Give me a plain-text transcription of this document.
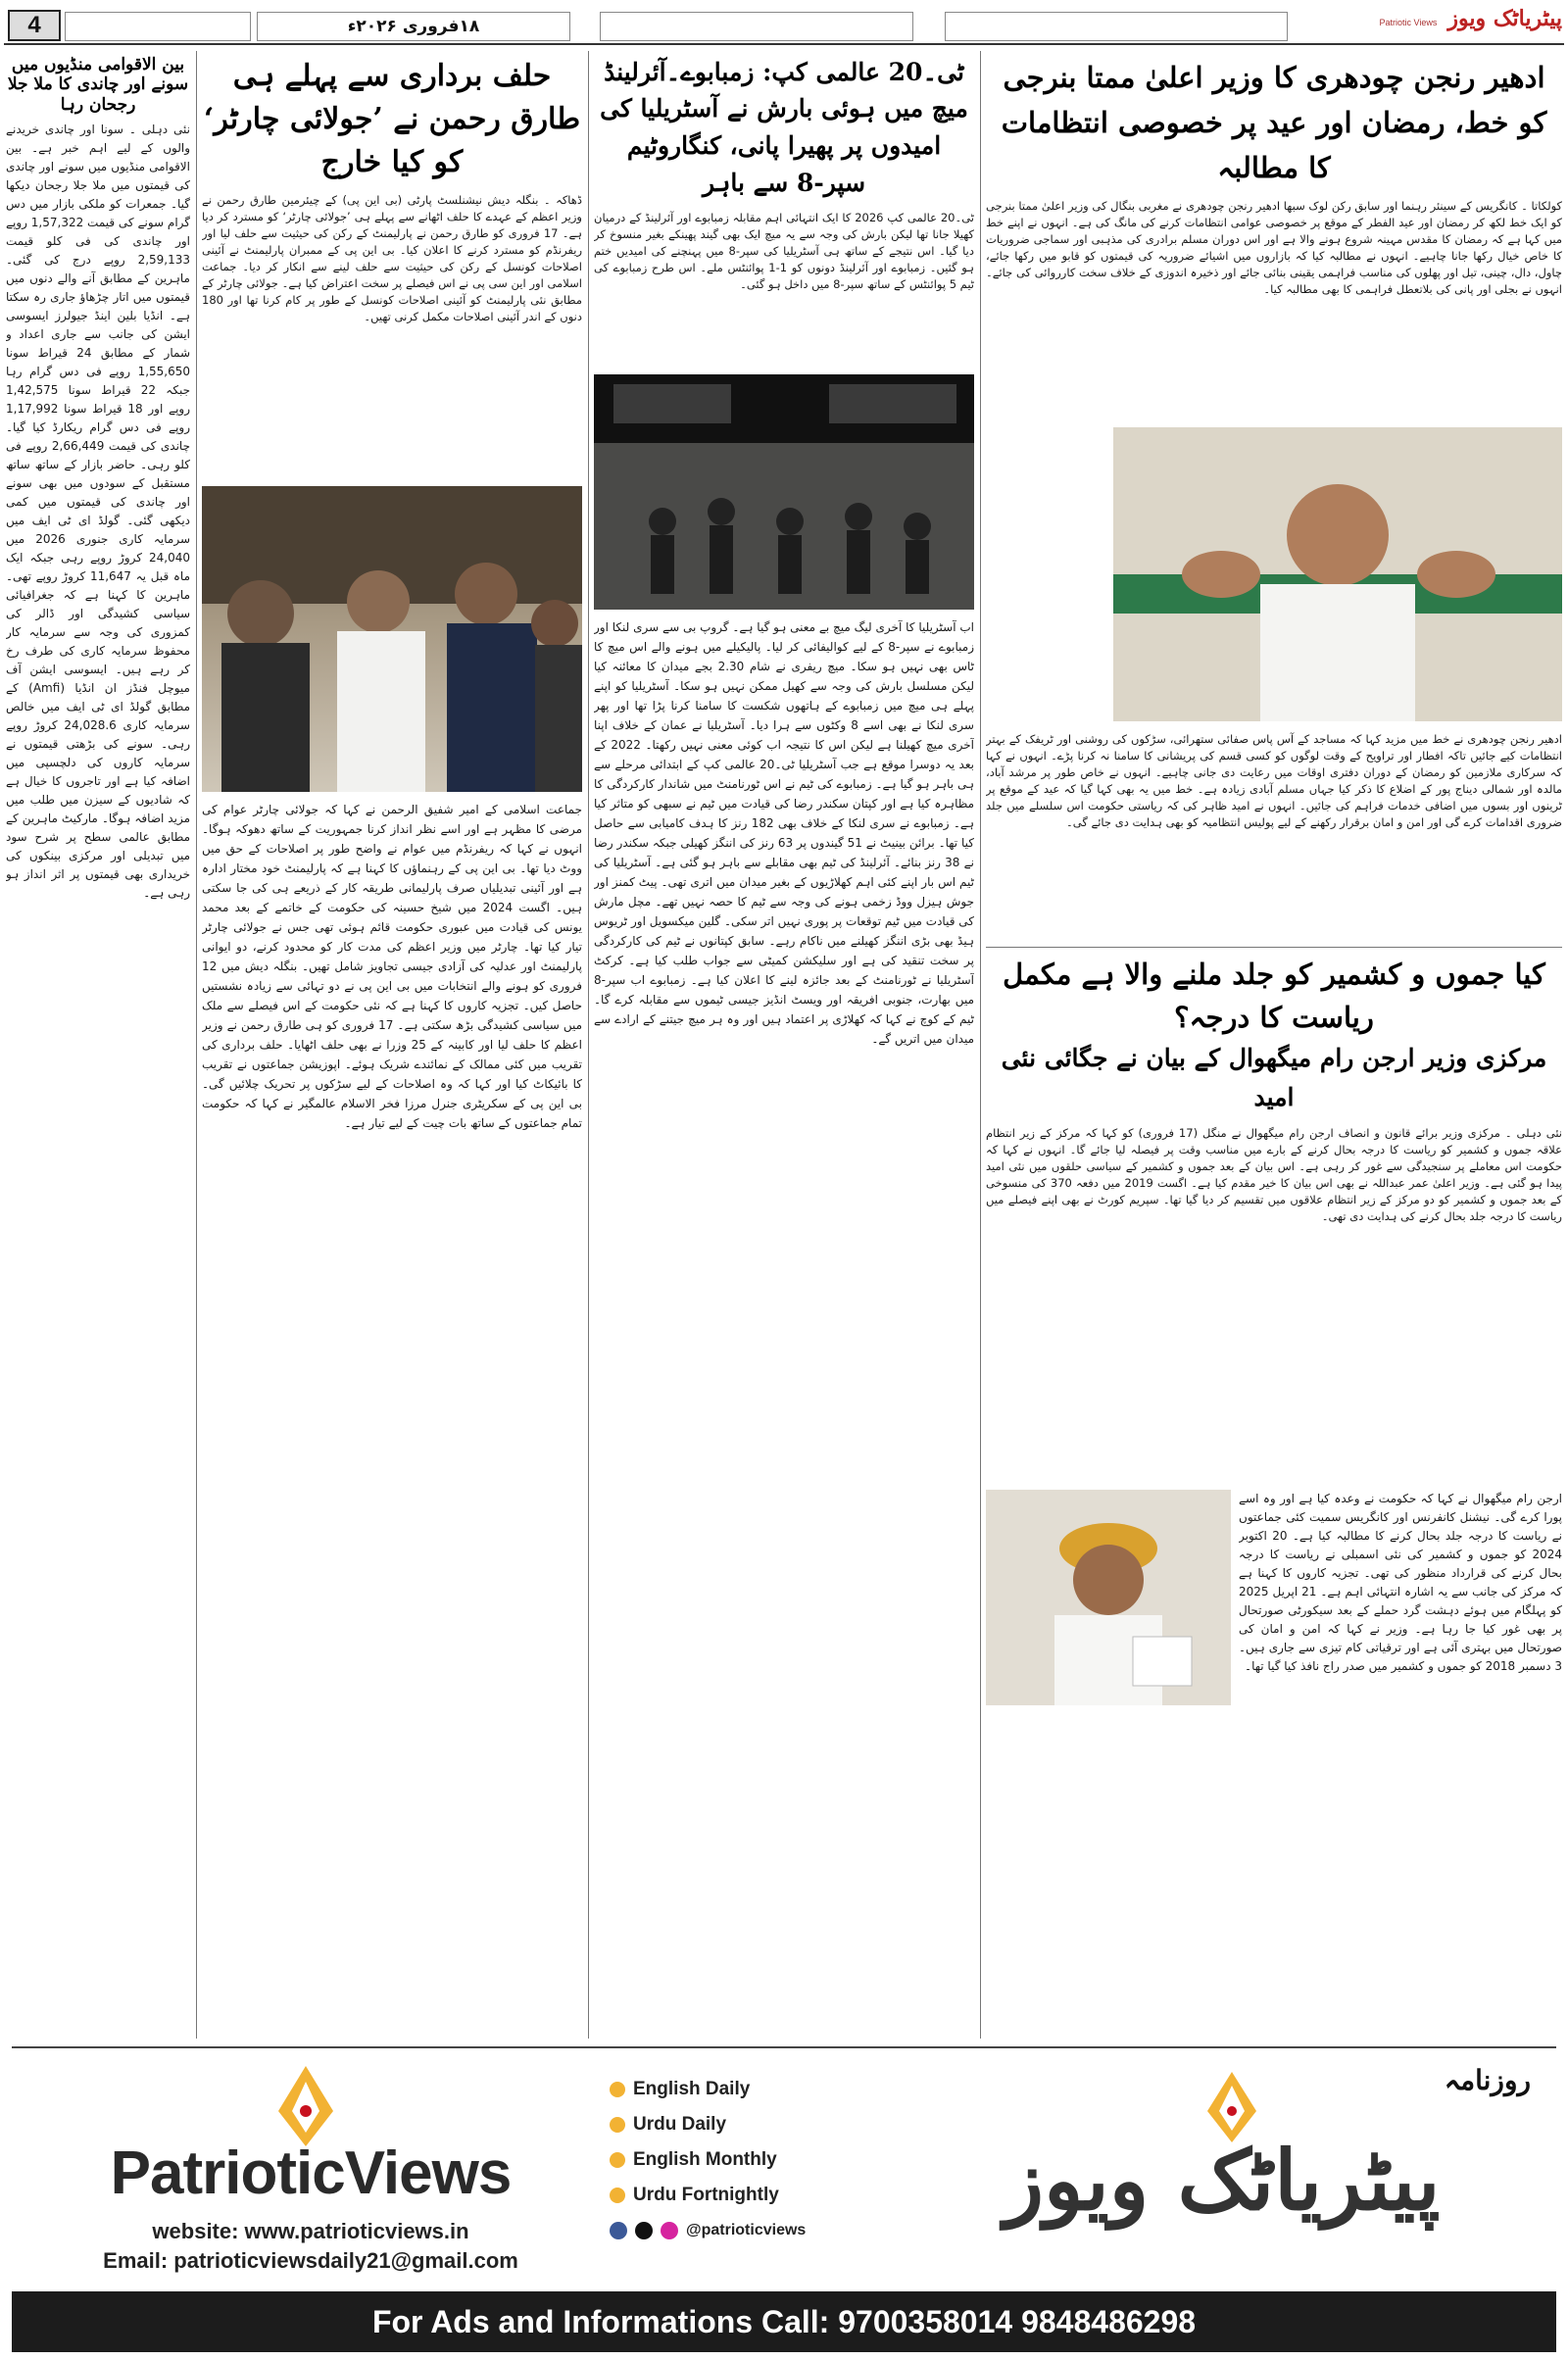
4	۱۸فروری ۲۰۲۶ء	Patriotic Views پیٹریاٹک ویوز
بین الاقوامی منڈیوں میں سونے اور چاندی کا ملا جلا رجحان رہا
نئی دہلی ۔ سونا اور چاندی خریدنے والوں کے لیے اہم خبر ہے۔ بین الاقوامی منڈیوں میں سونے اور چاندی کی قیمتوں میں ملا جلا رجحان دیکھا گیا۔ جمعرات کو ملکی بازار میں دس گرام سونے کی قیمت 1,57,322 روپے اور چاندی کی فی کلو قیمت 2,59,133 روپے درج کی گئی۔ ماہرین کے مطابق آنے والے دنوں میں قیمتوں میں اتار چڑھاؤ جاری رہ سکتا ہے۔ انڈیا بلین اینڈ جیولرز ایسوسی ایشن کی جانب سے جاری اعداد و شمار کے مطابق 24 قیراط سونا 1,55,650 روپے فی دس گرام رہا جبکہ 22 قیراط سونا 1,42,575 روپے اور 18 قیراط سونا 1,17,992 روپے فی دس گرام ریکارڈ کیا گیا۔ چاندی کی قیمت 2,66,449 روپے فی کلو رہی۔ حاضر بازار کے ساتھ ساتھ مستقبل کے سودوں میں بھی سونے اور چاندی کی قیمتوں میں کمی دیکھی گئی۔ گولڈ ای ٹی ایف میں سرمایہ کاری جنوری 2026 میں 24,040 کروڑ روپے رہی جبکہ ایک ماہ قبل یہ 11,647 کروڑ روپے تھی۔ ماہرین کا کہنا ہے کہ جغرافیائی سیاسی کشیدگی اور ڈالر کی کمزوری کی وجہ سے سرمایہ کار محفوظ سرمایہ کاری کی طرف رخ کر رہے ہیں۔ ایسوسی ایشن آف میوچل فنڈز ان انڈیا (Amfi) کے مطابق گولڈ ای ٹی ایف میں خالص سرمایہ کاری 24,028.6 کروڑ روپے رہی۔ سونے کی بڑھتی قیمتوں نے سرمایہ کاروں کی دلچسپی میں اضافہ کیا ہے اور تاجروں کا خیال ہے کہ شادیوں کے سیزن میں طلب میں مزید اضافہ ہوگا۔ مارکیٹ ماہرین کے مطابق عالمی سطح پر شرح سود میں تبدیلی اور مرکزی بینکوں کی خریداری بھی قیمتوں پر اثر انداز ہو رہی ہے۔
حلف برداری سے پہلے ہی طارق رحمن نے ’جولائی چارٹر‘ کو کیا خارج
ڈھاکہ ۔ بنگلہ دیش نیشنلسٹ پارٹی (بی این پی) کے چیئرمین طارق رحمن نے وزیر اعظم کے عہدے کا حلف اٹھانے سے پہلے ہی ’جولائی چارٹر‘ کو مسترد کر دیا ہے۔ 17 فروری کو طارق رحمن نے پارلیمنٹ کے رکن کی حیثیت سے حلف لیا اور ریفرنڈم کو مسترد کرنے کا اعلان کیا۔ بی این پی کے ممبران پارلیمنٹ نے آئینی اصلاحات کونسل کے رکن کی حیثیت سے حلف لینے سے انکار کر دیا۔ جماعت اسلامی اور این سی پی نے اس فیصلے پر سخت اعتراض کیا ہے۔ جولائی چارٹر کے مطابق نئی پارلیمنٹ کو آئینی اصلاحات کونسل کے طور پر کام کرنا تھا اور 180 دنوں کے اندر آئینی اصلاحات مکمل کرنی تھیں۔
جماعت اسلامی کے امیر شفیق الرحمن نے کہا کہ جولائی چارٹر عوام کی مرضی کا مظہر ہے اور اسے نظر انداز کرنا جمہوریت کے ساتھ دھوکہ ہوگا۔ انہوں نے کہا کہ ریفرنڈم میں عوام نے واضح طور پر اصلاحات کے حق میں ووٹ دیا تھا۔ بی این پی کے رہنماؤں کا کہنا ہے کہ پارلیمنٹ خود مختار ادارہ ہے اور آئینی تبدیلیاں صرف پارلیمانی طریقہ کار کے ذریعے ہی کی جا سکتی ہیں۔ اگست 2024 میں شیخ حسینہ کی حکومت کے خاتمے کے بعد محمد یونس کی قیادت میں عبوری حکومت قائم ہوئی تھی جس نے جولائی چارٹر تیار کیا تھا۔ چارٹر میں وزیر اعظم کی مدت کار کو محدود کرنے، دو ایوانی پارلیمنٹ اور عدلیہ کی آزادی جیسی تجاویز شامل تھیں۔ بنگلہ دیش میں 12 فروری کو ہونے والے انتخابات میں بی این پی نے دو تہائی سے زیادہ نشستیں حاصل کیں۔ تجزیہ کاروں کا کہنا ہے کہ نئی حکومت کے اس فیصلے سے ملک میں سیاسی کشیدگی بڑھ سکتی ہے۔ 17 فروری کو ہی طارق رحمن نے وزیر اعظم کا حلف لیا اور کابینہ کے 25 وزرا نے بھی حلف اٹھایا۔ حلف برداری کی تقریب میں کئی ممالک کے نمائندے شریک ہوئے۔ اپوزیشن جماعتوں نے تقریب کا بائیکاٹ کیا اور کہا کہ وہ اصلاحات کے لیے سڑکوں پر تحریک چلائیں گی۔ بی این پی کے سکریٹری جنرل مرزا فخر الاسلام عالمگیر نے کہا کہ حکومت تمام جماعتوں کے ساتھ بات چیت کے لیے تیار ہے۔
ٹی۔20 عالمی کپ: زمبابوے۔آئرلینڈ
میچ میں ہوئی بارش نے آسٹریلیا کی امیدوں پر پھیرا پانی، کنگاروٹیم سپر-8 سے باہر
ٹی۔20 عالمی کپ 2026 کا ایک انتہائی اہم مقابلہ زمبابوے اور آئرلینڈ کے درمیان کھیلا جانا تھا لیکن بارش کی وجہ سے یہ میچ ایک بھی گیند پھینکے بغیر منسوخ کر دیا گیا۔ اس نتیجے کے ساتھ ہی آسٹریلیا کی سپر-8 میں پہنچنے کی امیدیں ختم ہو گئیں۔ زمبابوے اور آئرلینڈ دونوں کو 1-1 پوائنٹس ملے۔ اس طرح زمبابوے کی ٹیم 5 پوائنٹس کے ساتھ سپر-8 میں داخل ہو گئی۔
اب آسٹریلیا کا آخری لیگ میچ بے معنی ہو گیا ہے۔ گروپ بی سے سری لنکا اور زمبابوے نے سپر-8 کے لیے کوالیفائی کر لیا۔ پالیکیلے میں ہونے والے اس میچ کا ٹاس بھی نہیں ہو سکا۔ میچ ریفری نے شام 2.30 بجے میدان کا معائنہ کیا لیکن مسلسل بارش کی وجہ سے کھیل ممکن نہیں ہو سکا۔ آسٹریلیا کو اپنے پہلے ہی میچ میں زمبابوے کے ہاتھوں شکست کا سامنا کرنا پڑا تھا اور پھر سری لنکا نے بھی اسے 8 وکٹوں سے ہرا دیا۔ آسٹریلیا نے عمان کے خلاف اپنا آخری میچ کھیلنا ہے لیکن اس کا نتیجہ اب کوئی معنی نہیں رکھتا۔ 2022 کے بعد یہ دوسرا موقع ہے جب آسٹریلیا ٹی۔20 عالمی کپ کے ابتدائی مرحلے سے ہی باہر ہو گیا ہے۔ زمبابوے کی ٹیم نے اس ٹورنامنٹ میں شاندار کارکردگی کا مظاہرہ کیا ہے اور کپتان سکندر رضا کی قیادت میں ٹیم نے سبھی کو متاثر کیا ہے۔ زمبابوے نے سری لنکا کے خلاف بھی 182 رنز کا ہدف کامیابی سے حاصل کیا تھا۔ برائن بینیٹ نے 51 گیندوں پر 63 رنز کی اننگز کھیلی جبکہ سکندر رضا نے 38 رنز بنائے۔ آئرلینڈ کی ٹیم بھی مقابلے سے باہر ہو گئی ہے۔ آسٹریلیا کی ٹیم اس بار اپنے کئی اہم کھلاڑیوں کے بغیر میدان میں اتری تھی۔ پیٹ کمنز اور جوش ہیزل ووڈ زخمی ہونے کی وجہ سے ٹیم کا حصہ نہیں تھے۔ مچل مارش کی قیادت میں ٹیم توقعات پر پوری نہیں اتر سکی۔ گلین میکسویل اور ٹریوس ہیڈ بھی بڑی اننگز کھیلنے میں ناکام رہے۔ سابق کپتانوں نے ٹیم کی کارکردگی پر سخت تنقید کی ہے اور سلیکشن کمیٹی سے جواب طلب کیا ہے۔ کرکٹ آسٹریلیا نے ٹورنامنٹ کے بعد جائزہ لینے کا اعلان کیا ہے۔ زمبابوے اب سپر-8 میں بھارت، جنوبی افریقہ اور ویسٹ انڈیز جیسی ٹیموں سے مقابلہ کرے گا۔ ٹیم کے کوچ نے کہا کہ کھلاڑی پر اعتماد ہیں اور وہ ہر میچ جیتنے کے ارادے سے میدان میں اتریں گے۔
ادھیر رنجن چودھری کا وزیر اعلیٰ ممتا بنرجی کو خط، رمضان اور عید پر خصوصی انتظامات کا مطالبہ
کولکاتا ۔ کانگریس کے سینئر رہنما اور سابق رکن لوک سبھا ادھیر رنجن چودھری نے مغربی بنگال کی وزیر اعلیٰ ممتا بنرجی کو ایک خط لکھ کر رمضان اور عید الفطر کے موقع پر خصوصی عوامی انتظامات کرنے کی مانگ کی ہے۔ انہوں نے اپنے خط میں کہا ہے کہ رمضان کا مقدس مہینہ شروع ہونے والا ہے اور اس دوران مسلم برادری کی مذہبی اور سماجی ضروریات کا خاص خیال رکھا جانا چاہیے۔ انہوں نے مطالبہ کیا کہ بازاروں میں اشیائے ضروریہ کی قیمتوں کو قابو میں رکھا جائے، چاول، دال، چینی، تیل اور پھلوں کی مناسب فراہمی یقینی بنائی جائے اور ذخیرہ اندوزی کے خلاف سخت کارروائی کی جائے۔ انہوں نے بجلی اور پانی کی بلاتعطل فراہمی کا بھی مطالبہ کیا۔
ادھیر رنجن چودھری نے خط میں مزید کہا کہ مساجد کے آس پاس صفائی ستھرائی، سڑکوں کی روشنی اور ٹریفک کے بہتر انتظامات کیے جائیں تاکہ افطار اور تراویح کے وقت لوگوں کو کسی قسم کی پریشانی کا سامنا نہ کرنا پڑے۔ انہوں نے کہا کہ سرکاری ملازمین کو رمضان کے دوران دفتری اوقات میں رعایت دی جانی چاہیے۔ انہوں نے خاص طور پر مرشد آباد، مالدہ اور شمالی دیناج پور کے اضلاع کا ذکر کیا جہاں مسلم آبادی زیادہ ہے۔ خط میں یہ بھی کہا گیا کہ عید کے موقع پر ٹرینوں اور بسوں میں اضافی خدمات فراہم کی جائیں۔ انہوں نے امید ظاہر کی کہ ریاستی حکومت اس سلسلے میں جلد ضروری اقدامات کرے گی اور امن و امان برقرار رکھنے کے لیے پولیس انتظامیہ کو بھی ہدایت دی جائے گی۔
کیا جموں و کشمیر کو جلد ملنے والا ہے مکمل ریاست کا درجہ؟
مرکزی وزیر ارجن رام میگھوال کے بیان نے جگائی نئی امید
نئی دہلی ۔ مرکزی وزیر برائے قانون و انصاف ارجن رام میگھوال نے منگل (17 فروری) کو کہا کہ مرکز کے زیر انتظام علاقہ جموں و کشمیر کو ریاست کا درجہ بحال کرنے کے بارے میں مناسب وقت پر فیصلہ لیا جائے گا۔ انہوں نے کہا کہ حکومت اس معاملے پر سنجیدگی سے غور کر رہی ہے۔ اس بیان کے بعد جموں و کشمیر کے سیاسی حلقوں میں نئی امید پیدا ہو گئی ہے۔ وزیر اعلیٰ عمر عبداللہ نے بھی اس بیان کا خیر مقدم کیا ہے۔ اگست 2019 میں دفعہ 370 کی منسوخی کے بعد جموں و کشمیر کو دو مرکز کے زیر انتظام علاقوں میں تقسیم کر دیا گیا تھا۔ سپریم کورٹ نے بھی اپنے فیصلے میں ریاست کا درجہ جلد بحال کرنے کی ہدایت دی تھی۔
ارجن رام میگھوال نے کہا کہ حکومت نے وعدہ کیا ہے اور وہ اسے پورا کرے گی۔ نیشنل کانفرنس اور کانگریس سمیت کئی جماعتوں نے ریاست کا درجہ جلد بحال کرنے کا مطالبہ کیا ہے۔ 20 اکتوبر 2024 کو جموں و کشمیر کی نئی اسمبلی نے ریاست کا درجہ بحال کرنے کی قرارداد منظور کی تھی۔ تجزیہ کاروں کا کہنا ہے کہ مرکز کی جانب سے یہ اشارہ انتہائی اہم ہے۔ 21 اپریل 2025 کو پہلگام میں ہوئے دہشت گرد حملے کے بعد سیکورٹی صورتحال پر بھی غور کیا جا رہا ہے۔ وزیر نے کہا کہ امن و امان کی صورتحال میں بہتری آئی ہے اور ترقیاتی کام تیزی سے جاری ہیں۔ 3 دسمبر 2018 کو جموں و کشمیر میں صدر راج نافذ کیا گیا تھا۔
PatrioticViews
website: www.patrioticviews.in
Email: patrioticviewsdaily21@gmail.com
English Daily
Urdu Daily
English Monthly
Urdu Fortnightly
@patrioticviews
روزنامہ
پیٹریاٹک ویوز
For Ads and Informations Call: 9700358014 9848486298
